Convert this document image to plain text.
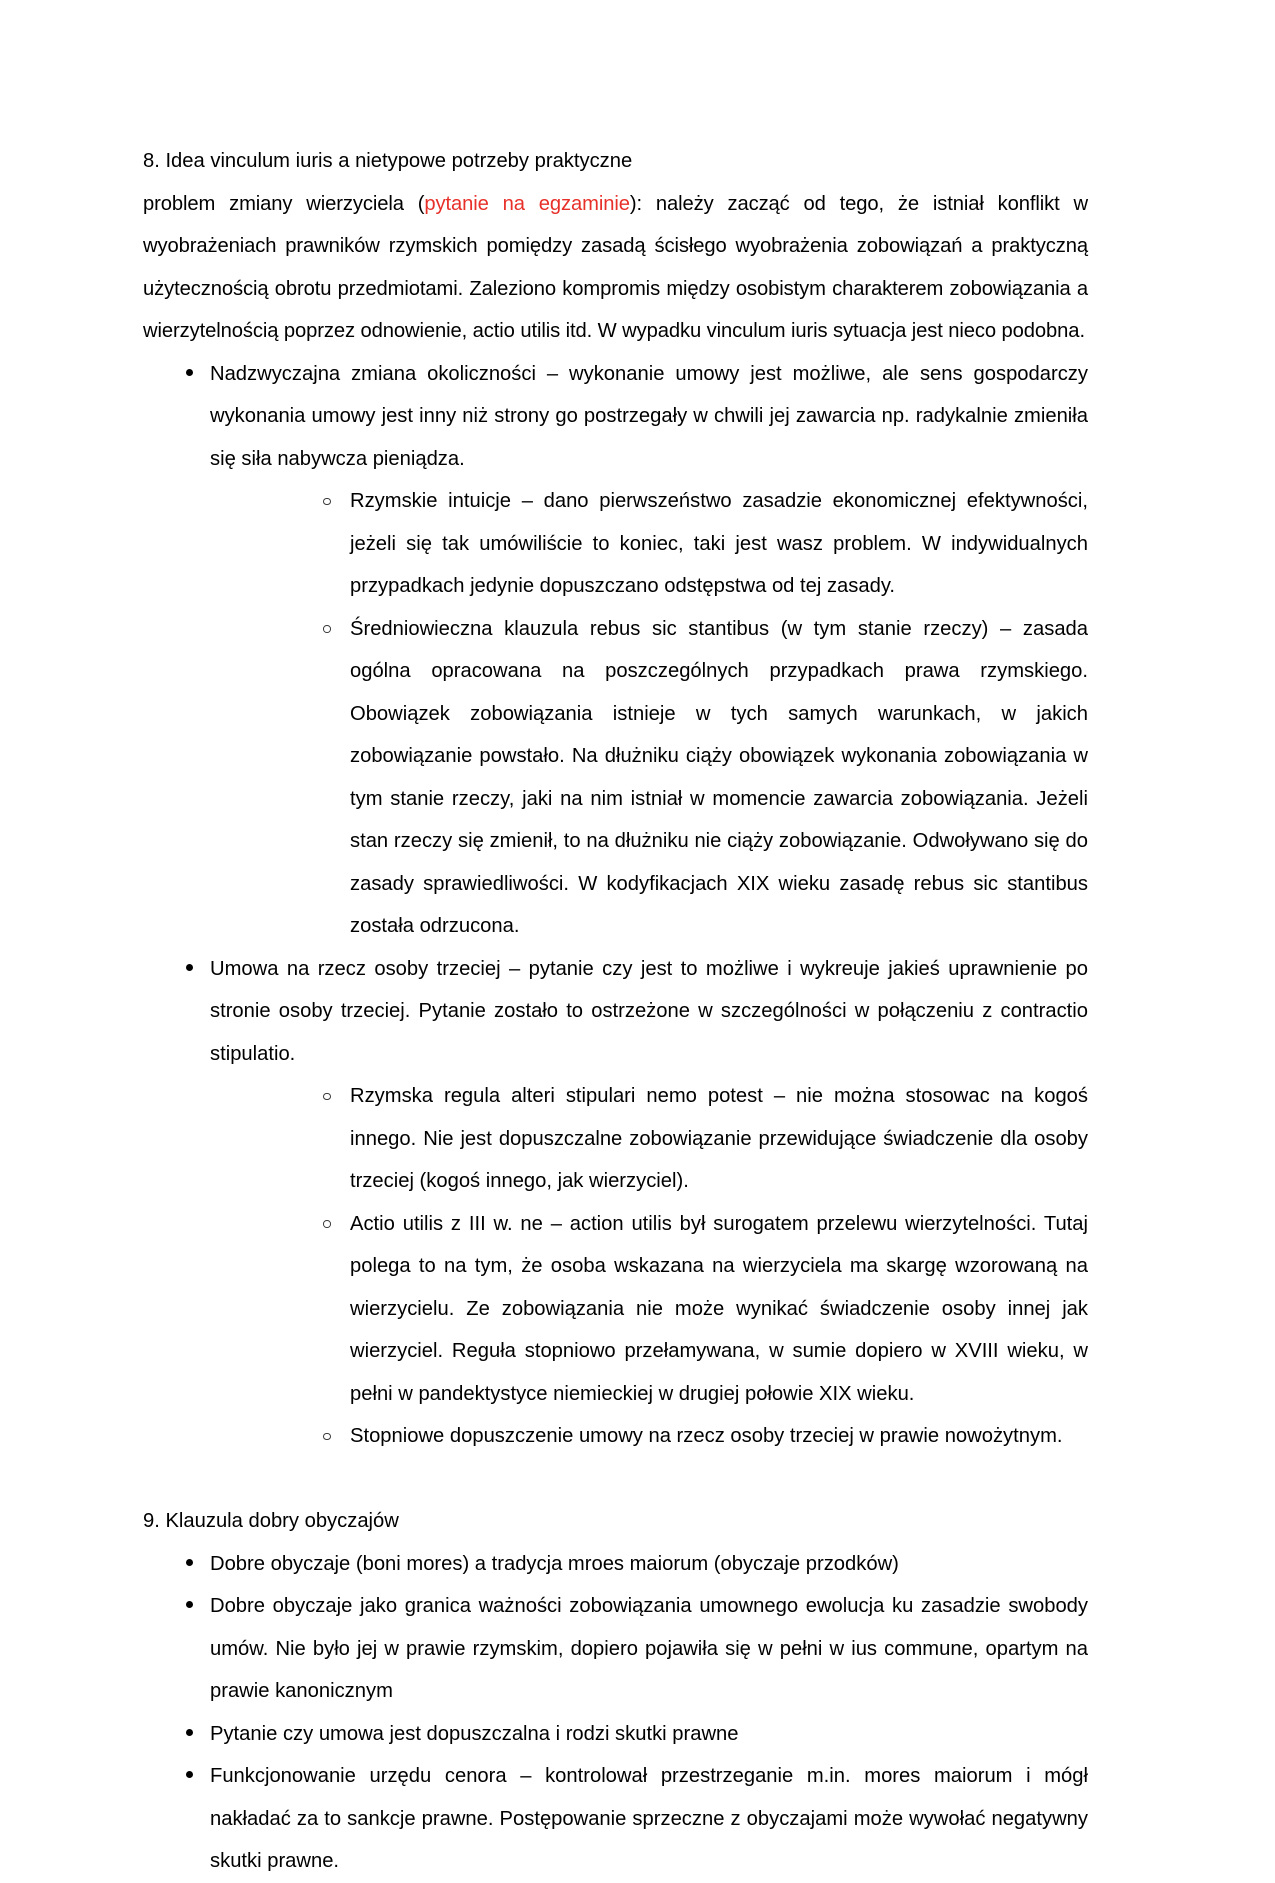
8. Idea vinculum iuris a nietypowe potrzeby praktyczne

problem zmiany wierzyciela (pytanie na egzaminie): należy zacząć od tego, że istniał konflikt w wyobrażeniach prawników rzymskich pomiędzy zasadą ścisłego wyobrażenia zobowiązań a praktyczną użytecznością obrotu przedmiotami. Zaleziono kompromis między osobistym charakterem zobowiązania a wierzytelnością poprzez odnowienie, actio utilis itd. W wypadku vinculum iuris sytuacja jest nieco podobna.

Nadzwyczajna zmiana okoliczności – wykonanie umowy jest możliwe, ale sens gospodarczy wykonania umowy jest inny niż strony go postrzegały w chwili jej zawarcia np. radykalnie zmieniła się siła nabywcza pieniądza.
Rzymskie intuicje – dano pierwszeństwo zasadzie ekonomicznej efektywności, jeżeli się tak umówiliście to koniec, taki jest wasz problem. W indywidualnych przypadkach jedynie dopuszczano odstępstwa od tej zasady.
Średniowieczna klauzula rebus sic stantibus (w tym stanie rzeczy) – zasada ogólna opracowana na poszczególnych przypadkach prawa rzymskiego. Obowiązek zobowiązania istnieje w tych samych warunkach, w jakich zobowiązanie powstało. Na dłużniku ciąży obowiązek wykonania zobowiązania w tym stanie rzeczy, jaki na nim istniał w momencie zawarcia zobowiązania. Jeżeli stan rzeczy się zmienił, to na dłużniku nie ciąży zobowiązanie. Odwoływano się do zasady sprawiedliwości. W kodyfikacjach XIX wieku zasadę rebus sic stantibus została odrzucona.
Umowa na rzecz osoby trzeciej – pytanie czy jest to możliwe i wykreuje jakieś uprawnienie po stronie osoby trzeciej. Pytanie zostało to ostrzeżone w szczególności w połączeniu z contractio stipulatio.
Rzymska regula alteri stipulari nemo potest – nie można stosowac na kogoś innego. Nie jest dopuszczalne zobowiązanie przewidujące świadczenie dla osoby trzeciej (kogoś innego, jak wierzyciel).
Actio utilis z III w. ne – action utilis był surogatem przelewu wierzytelności. Tutaj polega to na tym, że osoba wskazana na wierzyciela ma skargę wzorowaną na wierzycielu. Ze zobowiązania nie może wynikać świadczenie osoby innej jak wierzyciel. Reguła stopniowo przełamywana, w sumie dopiero w XVIII wieku, w pełni w pandektystyce niemieckiej w drugiej połowie XIX wieku.
Stopniowe dopuszczenie umowy na rzecz osoby trzeciej w prawie nowożytnym.

9. Klauzula dobry obyczajów

Dobre obyczaje (boni mores) a tradycja mroes maiorum (obyczaje przodków)
Dobre obyczaje jako granica ważności zobowiązania umownego ewolucja ku zasadzie swobody umów. Nie było jej w prawie rzymskim, dopiero pojawiła się w pełni w ius commune, opartym na prawie kanonicznym
Pytanie czy umowa jest dopuszczalna i rodzi skutki prawne
Funkcjonowanie urzędu cenora – kontrolował przestrzeganie m.in. mores maiorum i mógł nakładać za to sankcje prawne. Postępowanie sprzeczne z obyczajami może wywołać negatywny skutki prawne.
